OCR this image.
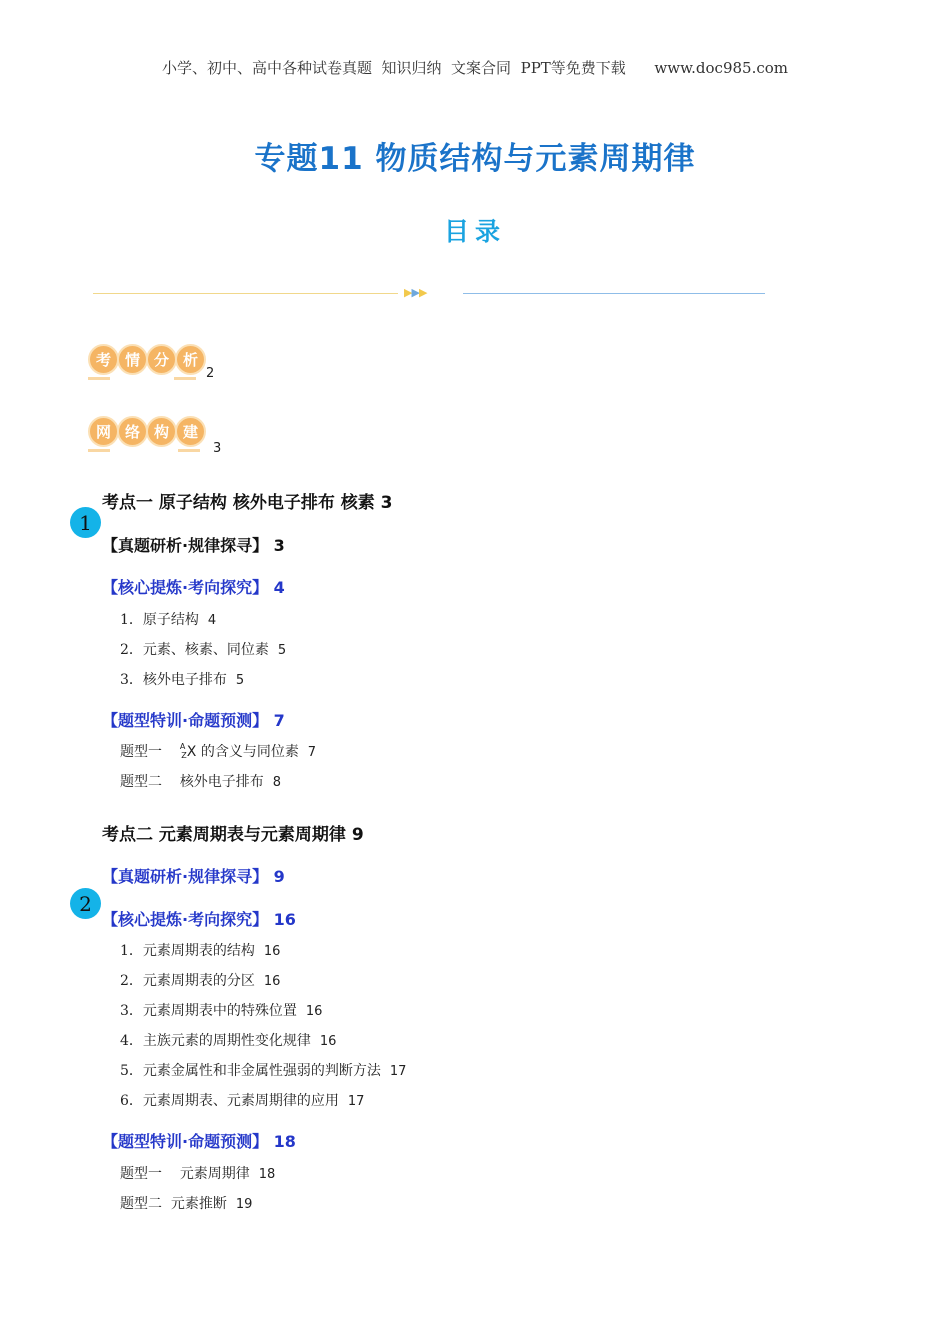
小学、初中、高中各种试卷真题  知识归纳  文案合同  PPT等免费下载 www.doc985.com
专题11 物质结构与元素周期律
目录
▶▶▶
考 情 分 析
2
网 络 构 建
3
考点一 原子结构 核外电子排布 核素 3
1
【真题研析·规律探寻】 3
【核心提炼·考向探究】 4
1．原子结构 4
2．元素、核素、同位素 5
3．核外电子排布 5
【题型特训·命题预测】 7
题型一 $^A$ZX 的含义与同位素 7
题型二 核外电子排布 8
考点二 元素周期表与元素周期律 9
【真题研析·规律探寻】 9
2
【核心提炼·考向探究】 16
1．元素周期表的结构 16
2．元素周期表的分区 16
3．元素周期表中的特殊位置 16
4．主族元素的周期性变化规律 16
5．元素金属性和非金属性强弱的判断方法 17
6．元素周期表、元素周期律的应用 17
【题型特训·命题预测】 18
题型一 元素周期律 18
题型二 元素推断 19
